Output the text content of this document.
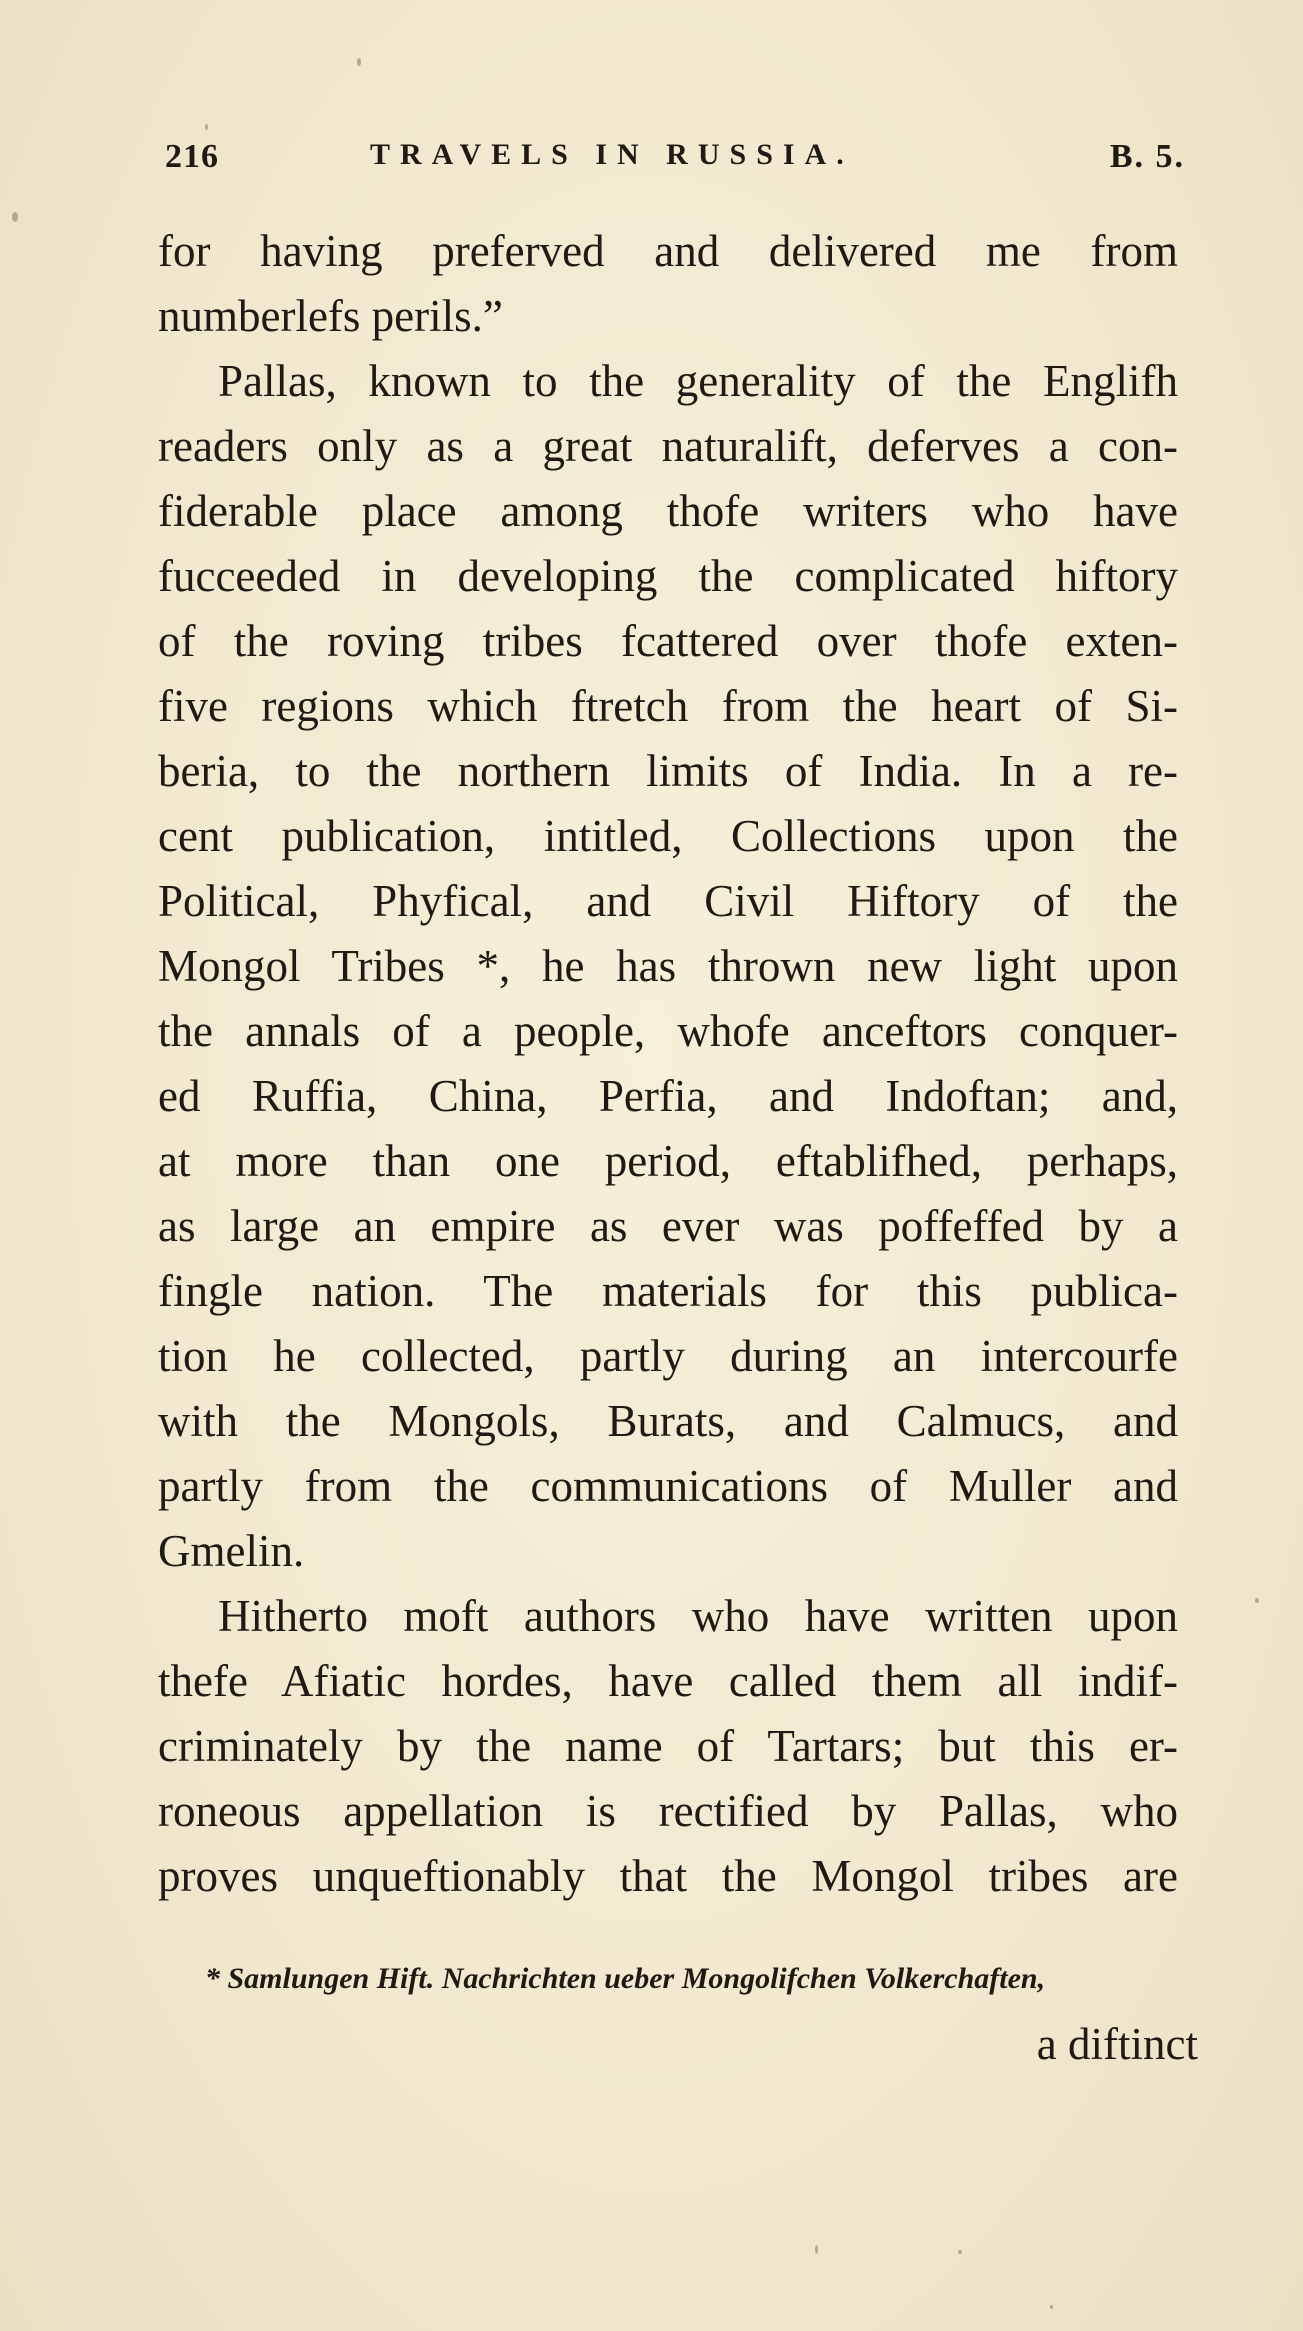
216	TRAVELS IN RUSSIA.	B. 5.
for having preferved and delivered me from
numberlefs perils.”
Pallas, known to the generality of the Englifh
readers only as a great naturalift, deferves a con-
fiderable place among thofe writers who have
fucceeded in developing the complicated hiftory
of the roving tribes fcattered over thofe exten-
five regions which ftretch from the heart of Si-
beria, to the northern limits of India. In a re-
cent publication, intitled, Collections upon the
Political, Phyfical, and Civil Hiftory of the
Mongol Tribes *, he has thrown new light upon
the annals of a people, whofe anceftors conquer-
ed Ruffia, China, Perfia, and Indoftan; and,
at more than one period, eftablifhed, perhaps,
as large an empire as ever was poffeffed by a
fingle nation. The materials for this publica-
tion he collected, partly during an intercourfe
with the Mongols, Burats, and Calmucs, and
partly from the communications of Muller and
Gmelin.
Hitherto moft authors who have written upon
thefe Afiatic hordes, have called them all indif-
criminately by the name of Tartars; but this er-
roneous appellation is rectified by Pallas, who
proves unqueftionably that the Mongol tribes are
* Samlungen Hift. Nachrichten ueber Mongolifchen Volkerchaften,
a diftinct
